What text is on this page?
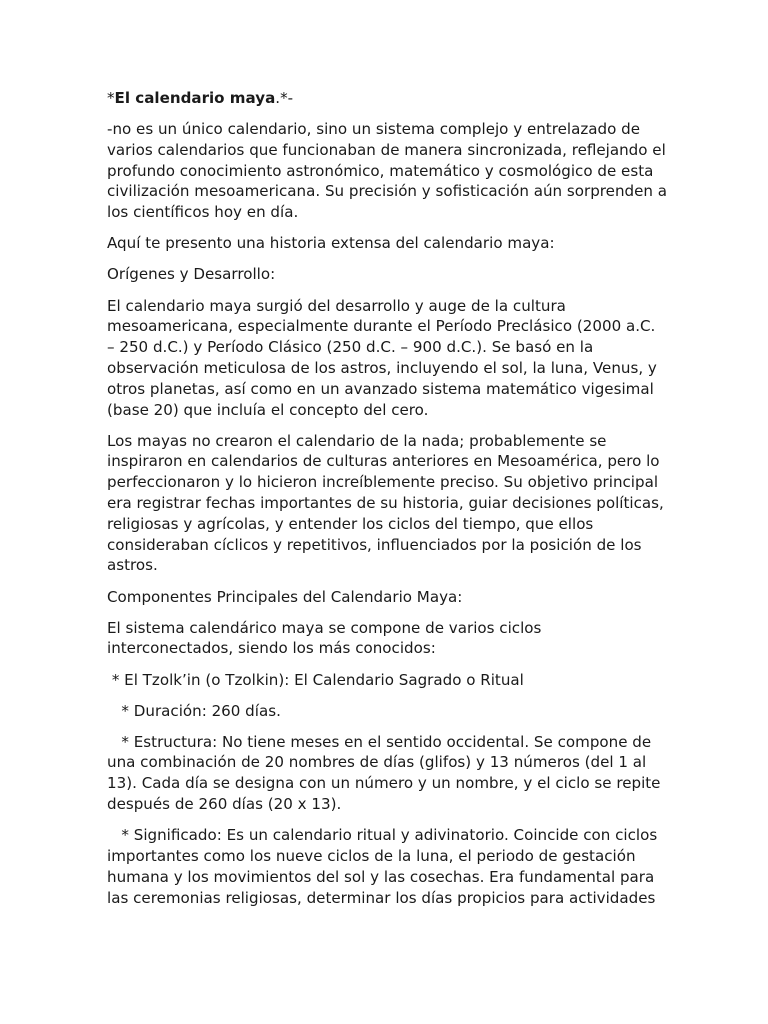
*El calendario maya.*-

-no es un único calendario, sino un sistema complejo y entrelazado de varios calendarios que funcionaban de manera sincronizada, reflejando el profundo conocimiento astronómico, matemático y cosmológico de esta civilización mesoamericana. Su precisión y sofisticación aún sorprenden a los científicos hoy en día.

Aquí te presento una historia extensa del calendario maya:

Orígenes y Desarrollo:

El calendario maya surgió del desarrollo y auge de la cultura mesoamericana, especialmente durante el Período Preclásico (2000 a.C. – 250 d.C.) y Período Clásico (250 d.C. – 900 d.C.). Se basó en la observación meticulosa de los astros, incluyendo el sol, la luna, Venus, y otros planetas, así como en un avanzado sistema matemático vigesimal (base 20) que incluía el concepto del cero.

Los mayas no crearon el calendario de la nada; probablemente se inspiraron en calendarios de culturas anteriores en Mesoamérica, pero lo perfeccionaron y lo hicieron increíblemente preciso. Su objetivo principal era registrar fechas importantes de su historia, guiar decisiones políticas, religiosas y agrícolas, y entender los ciclos del tiempo, que ellos consideraban cíclicos y repetitivos, influenciados por la posición de los astros.

Componentes Principales del Calendario Maya:

El sistema calendárico maya se compone de varios ciclos interconectados, siendo los más conocidos:

* El Tzolk’in (o Tzolkin): El Calendario Sagrado o Ritual

* Duración: 260 días.

* Estructura: No tiene meses en el sentido occidental. Se compone de una combinación de 20 nombres de días (glifos) y 13 números (del 1 al 13). Cada día se designa con un número y un nombre, y el ciclo se repite después de 260 días (20 x 13).

* Significado: Es un calendario ritual y adivinatorio. Coincide con ciclos importantes como los nueve ciclos de la luna, el periodo de gestación humana y los movimientos del sol y las cosechas. Era fundamental para las ceremonias religiosas, determinar los días propicios para actividades
